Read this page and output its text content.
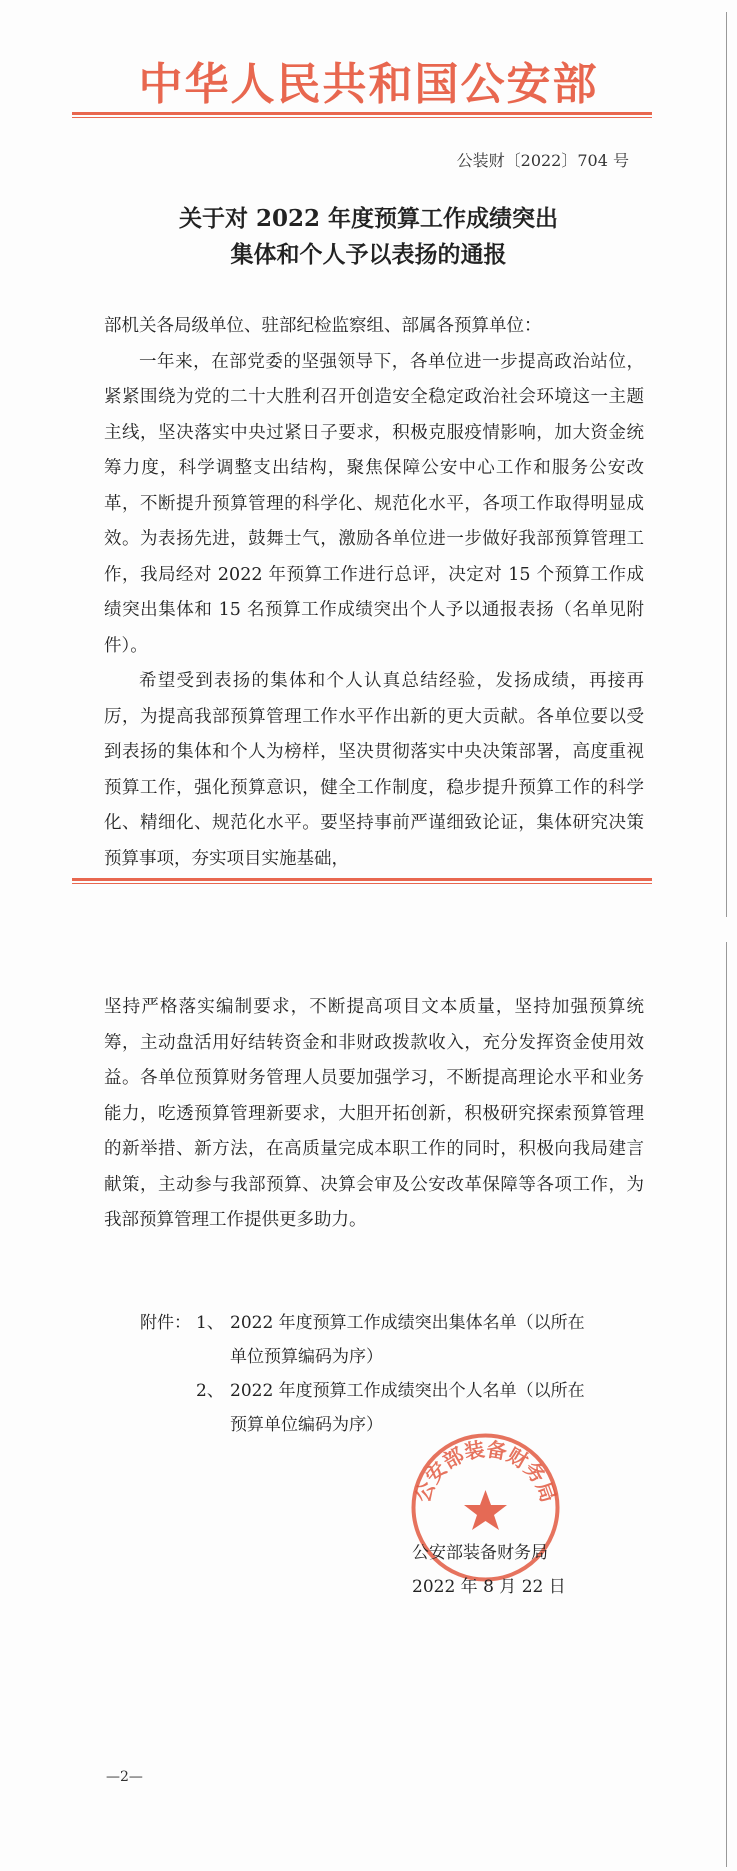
中华人民共和国公安部
公装财〔2022〕704 号
关于对 2022 年度预算工作成绩突出
集体和个人予以表扬的通报

部机关各局级单位、驻部纪检监察组、部属各预算单位：

一年来，在部党委的坚强领导下，各单位进一步提高政治站位，紧紧围绕为党的二十大胜利召开创造安全稳定政治社会环境这一主题主线，坚决落实中央过紧日子要求，积极克服疫情影响，加大资金统筹力度，科学调整支出结构，聚焦保障公安中心工作和服务公安改革，不断提升预算管理的科学化、规范化水平，各项工作取得明显成效。为表扬先进，鼓舞士气，激励各单位进一步做好我部预算管理工作，我局经对 2022 年预算工作进行总评，决定对 15 个预算工作成绩突出集体和 15 名预算工作成绩突出个人予以通报表扬（名单见附件）。

希望受到表扬的集体和个人认真总结经验，发扬成绩，再接再厉，为提高我部预算管理工作水平作出新的更大贡献。各单位要以受到表扬的集体和个人为榜样，坚决贯彻落实中央决策部署，高度重视预算工作，强化预算意识，健全工作制度，稳步提升预算工作的科学化、精细化、规范化水平。要坚持事前严谨细致论证，集体研究决策预算事项，夯实项目实施基础，

坚持严格落实编制要求，不断提高项目文本质量，坚持加强预算统筹，主动盘活用好结转资金和非财政拨款收入，充分发挥资金使用效益。各单位预算财务管理人员要加强学习，不断提高理论水平和业务能力，吃透预算管理新要求，大胆开拓创新，积极研究探索预算管理的新举措、新方法，在高质量完成本职工作的同时，积极向我局建言献策，主动参与我部预算、决算会审及公安改革保障等各项工作，为我部预算管理工作提供更多助力。

附件： 1、 2022 年度预算工作成绩突出集体名单（以所在
单位预算编码为序）
2、 2022 年度预算工作成绩突出个人名单（以所在
预算单位编码为序）
公安部装备财务局
公安部装备财务局
2022 年 8 月 22 日
—2—
